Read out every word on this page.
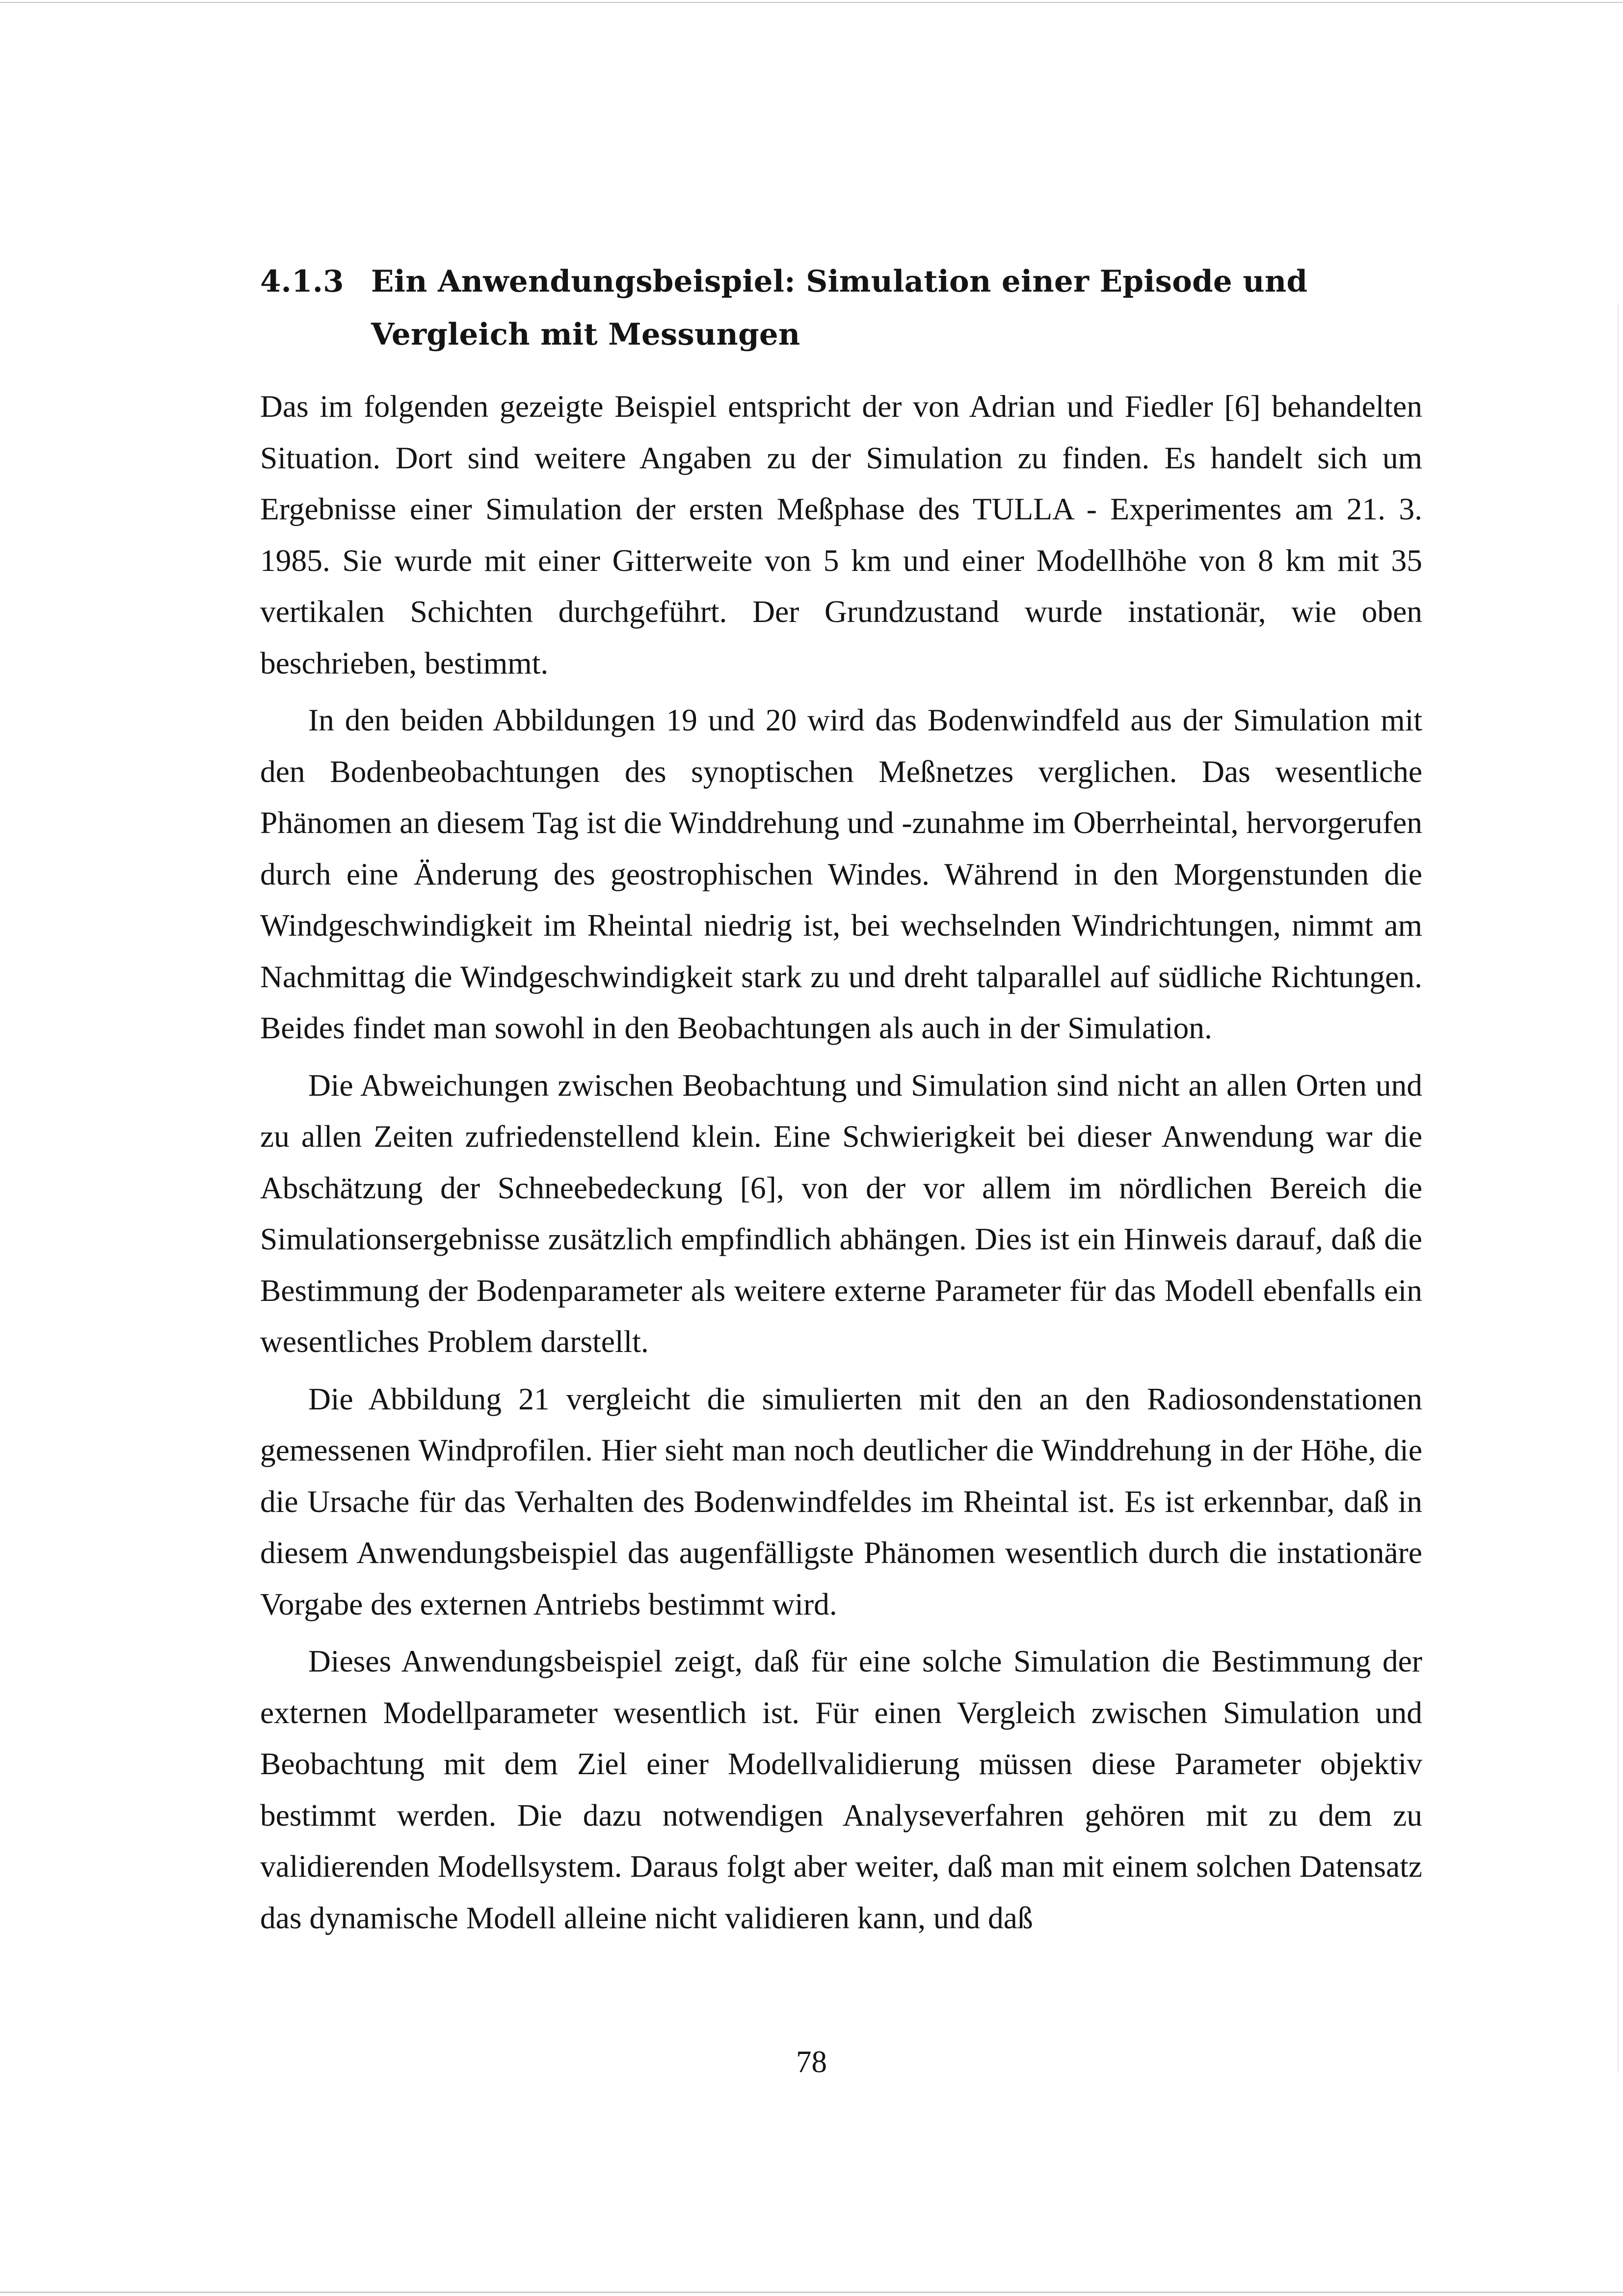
4.1.3 Ein Anwendungsbeispiel: Simulation einer Episode und Vergleich mit Messungen

Das im folgenden gezeigte Beispiel entspricht der von Adrian und Fiedler [6] behandelten Situation. Dort sind weitere Angaben zu der Simulation zu finden. Es handelt sich um Ergebnisse einer Simulation der ersten Meßphase des TULLA - Experimentes am 21. 3. 1985. Sie wurde mit einer Gitterweite von 5 km und einer Modellhöhe von 8 km mit 35 vertikalen Schichten durchgeführt. Der Grundzustand wurde instationär, wie oben beschrieben, bestimmt.

In den beiden Abbildungen 19 und 20 wird das Bodenwindfeld aus der Simulation mit den Bodenbeobachtungen des synoptischen Meßnetzes verglichen. Das wesentliche Phänomen an diesem Tag ist die Winddrehung und -zunahme im Oberrheintal, hervorgerufen durch eine Änderung des geostrophischen Windes. Während in den Morgenstunden die Windgeschwindigkeit im Rheintal niedrig ist, bei wechselnden Windrichtungen, nimmt am Nachmittag die Windgeschwindigkeit stark zu und dreht talparallel auf südliche Richtungen. Beides findet man sowohl in den Beobachtungen als auch in der Simulation.

Die Abweichungen zwischen Beobachtung und Simulation sind nicht an allen Orten und zu allen Zeiten zufriedenstellend klein. Eine Schwierigkeit bei dieser Anwendung war die Abschätzung der Schneebedeckung [6], von der vor allem im nördlichen Bereich die Simulationsergebnisse zusätzlich empfindlich abhängen. Dies ist ein Hinweis darauf, daß die Bestimmung der Bodenparameter als weitere externe Parameter für das Modell ebenfalls ein wesentliches Problem darstellt.

Die Abbildung 21 vergleicht die simulierten mit den an den Radiosondenstationen gemessenen Windprofilen. Hier sieht man noch deutlicher die Winddrehung in der Höhe, die die Ursache für das Verhalten des Bodenwindfeldes im Rheintal ist. Es ist erkennbar, daß in diesem Anwendungsbeispiel das augenfälligste Phänomen wesentlich durch die instationäre Vorgabe des externen Antriebs bestimmt wird.

Dieses Anwendungsbeispiel zeigt, daß für eine solche Simulation die Bestimmung der externen Modellparameter wesentlich ist. Für einen Vergleich zwischen Simulation und Beobachtung mit dem Ziel einer Modellvalidierung müssen diese Parameter objektiv bestimmt werden. Die dazu notwendigen Analyseverfahren gehören mit zu dem zu validierenden Modellsystem. Daraus folgt aber weiter, daß man mit einem solchen Datensatz das dynamische Modell alleine nicht validieren kann, und daß

78
